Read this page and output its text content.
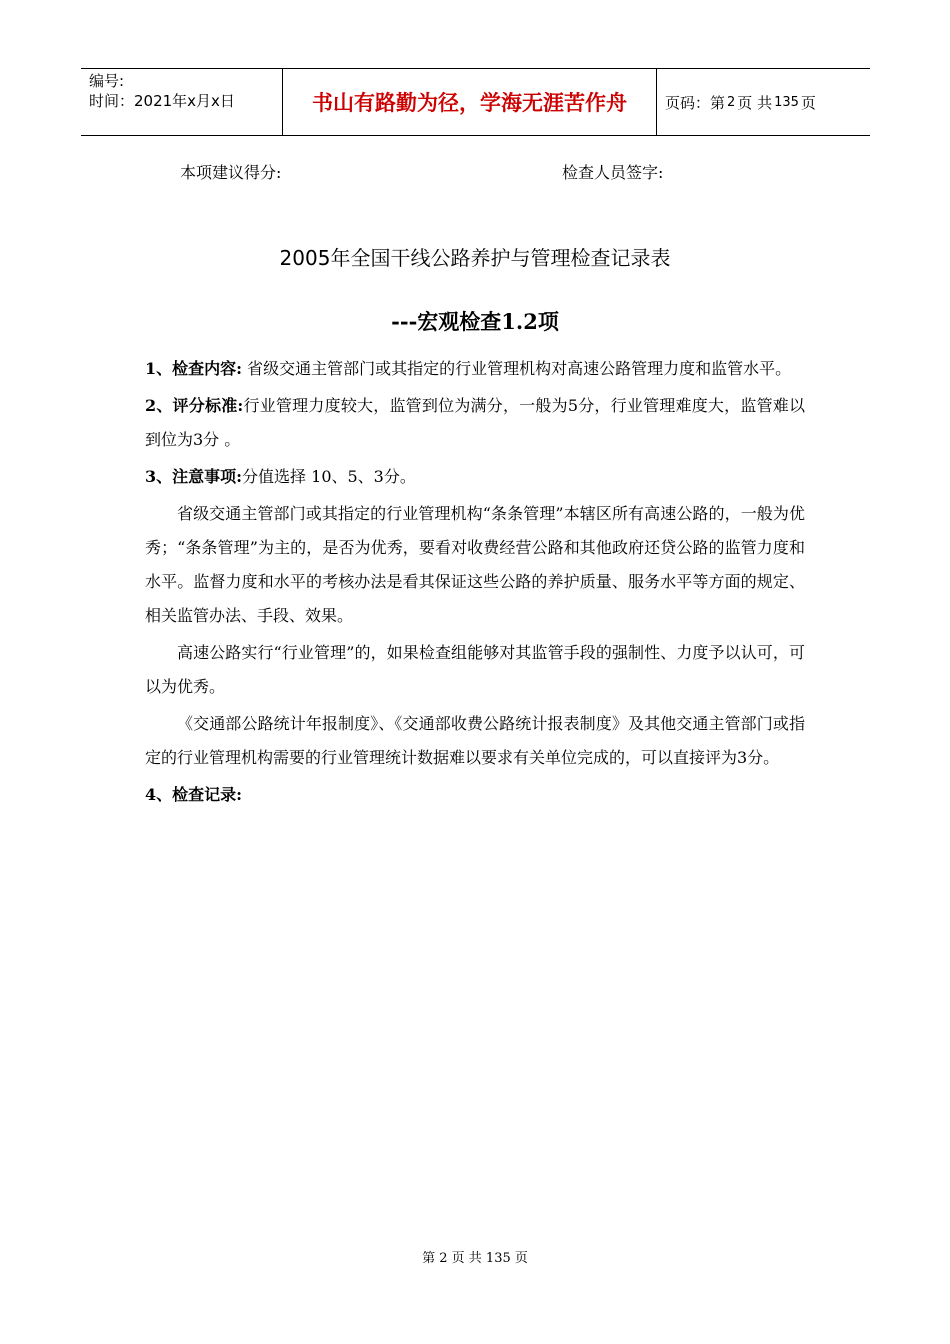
编号:
时间：2021年x月x日	书山有路勤为径，学海无涯苦作舟	页码：第 2 页 共 135 页
本项建议得分:	检查人员签字:
2005年全国干线公路养护与管理检查记录表
---宏观检查1.2项

1、检查内容: 省级交通主管部门或其指定的行业管理机构对高速公路管理力度和监管水平。

2、评分标准:行业管理力度较大，监管到位为满分，一般为5分，行业管理难度大，监管难以到位为3分 。

3、注意事项:分值选择 10、5、3分。

省级交通主管部门或其指定的行业管理机构“条条管理”本辖区所有高速公路的，一般为优秀；“条条管理”为主的，是否为优秀，要看对收费经营公路和其他政府还贷公路的监管力度和水平。监督力度和水平的考核办法是看其保证这些公路的养护质量、服务水平等方面的规定、相关监管办法、手段、效果。

高速公路实行“行业管理”的，如果检查组能够对其监管手段的强制性、力度予以认可，可以为优秀。

《交通部公路统计年报制度》、《交通部收费公路统计报表制度》及其他交通主管部门或指定的行业管理机构需要的行业管理统计数据难以要求有关单位完成的，可以直接评为3分。

4、检查记录:

第 2 页 共 135 页
